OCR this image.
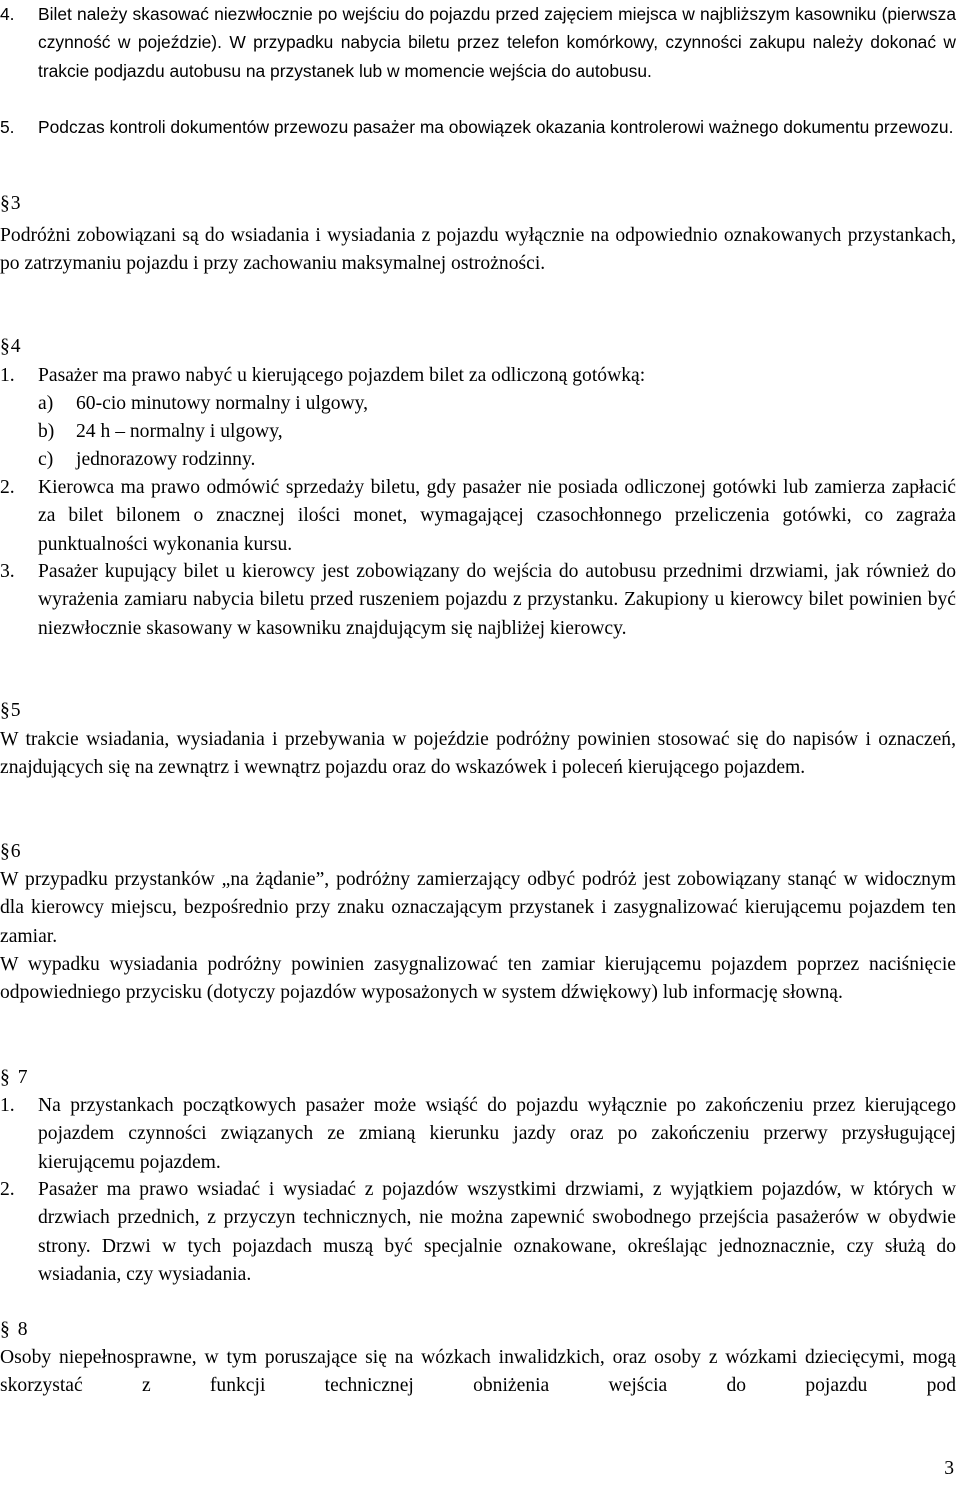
4.	Bilet należy skasować niezwłocznie po wejściu do pojazdu przed zajęciem miejsca w najbliższym kasowniku (pierwsza czynność w pojeździe). W przypadku nabycia biletu przez telefon komórkowy, czynności zakupu należy dokonać w trakcie podjazdu autobusu na przystanek lub w momencie wejścia do autobusu.
5.	Podczas kontroli dokumentów przewozu pasażer ma obowiązek okazania kontrolerowi ważnego dokumentu przewozu.
§3
Podróżni zobowiązani są do wsiadania i wysiadania z pojazdu wyłącznie na odpowiednio oznakowanych przystankach, po zatrzymaniu pojazdu i przy zachowaniu maksymalnej ostrożności.
§4
1.	Pasażer ma prawo nabyć u kierującego pojazdem bilet za odliczoną gotówką:
a)	60-cio minutowy normalny i ulgowy,
b)	24 h – normalny i ulgowy,
c)	jednorazowy rodzinny.
2.	Kierowca ma prawo odmówić sprzedaży biletu, gdy pasażer nie posiada odliczonej gotówki lub zamierza zapłacić za bilet bilonem o znacznej ilości monet, wymagającej czasochłonnego przeliczenia gotówki, co zagraża punktualności wykonania kursu.
3.	Pasażer kupujący bilet u kierowcy jest zobowiązany do wejścia do autobusu przednimi drzwiami, jak również do wyrażenia zamiaru nabycia biletu przed ruszeniem pojazdu z przystanku. Zakupiony u kierowcy bilet powinien być niezwłocznie skasowany w kasowniku znajdującym się najbliżej kierowcy.
§5
W trakcie wsiadania, wysiadania i przebywania w pojeździe podróżny powinien stosować się do napisów i oznaczeń, znajdujących się na zewnątrz i wewnątrz pojazdu oraz do wskazówek i poleceń kierującego pojazdem.
§6
W przypadku przystanków „na żądanie”, podróżny zamierzający odbyć podróż jest zobowiązany stanąć w widocznym dla kierowcy miejscu, bezpośrednio przy znaku oznaczającym przystanek i zasygnalizować kierującemu pojazdem ten zamiar.
W wypadku wysiadania podróżny powinien zasygnalizować ten zamiar kierującemu pojazdem poprzez naciśnięcie odpowiedniego przycisku (dotyczy pojazdów wyposażonych w system dźwiękowy) lub informację słowną.
§ 7
1.	Na przystankach początkowych pasażer może wsiąść do pojazdu wyłącznie po zakończeniu przez kierującego pojazdem czynności związanych ze zmianą kierunku jazdy oraz po zakończeniu przerwy przysługującej kierującemu pojazdem.
2.	Pasażer ma prawo wsiadać i wysiadać z pojazdów wszystkimi drzwiami, z wyjątkiem pojazdów, w których w drzwiach przednich, z przyczyn technicznych, nie można zapewnić swobodnego przejścia pasażerów w obydwie strony. Drzwi w tych pojazdach muszą być specjalnie oznakowane, określając jednoznacznie, czy służą do wsiadania, czy wysiadania.
§ 8
Osoby niepełnosprawne, w tym poruszające się na wózkach inwalidzkich, oraz osoby z wózkami dziecięcymi, mogą skorzystać z funkcji technicznej obniżenia wejścia do pojazdu pod
3
